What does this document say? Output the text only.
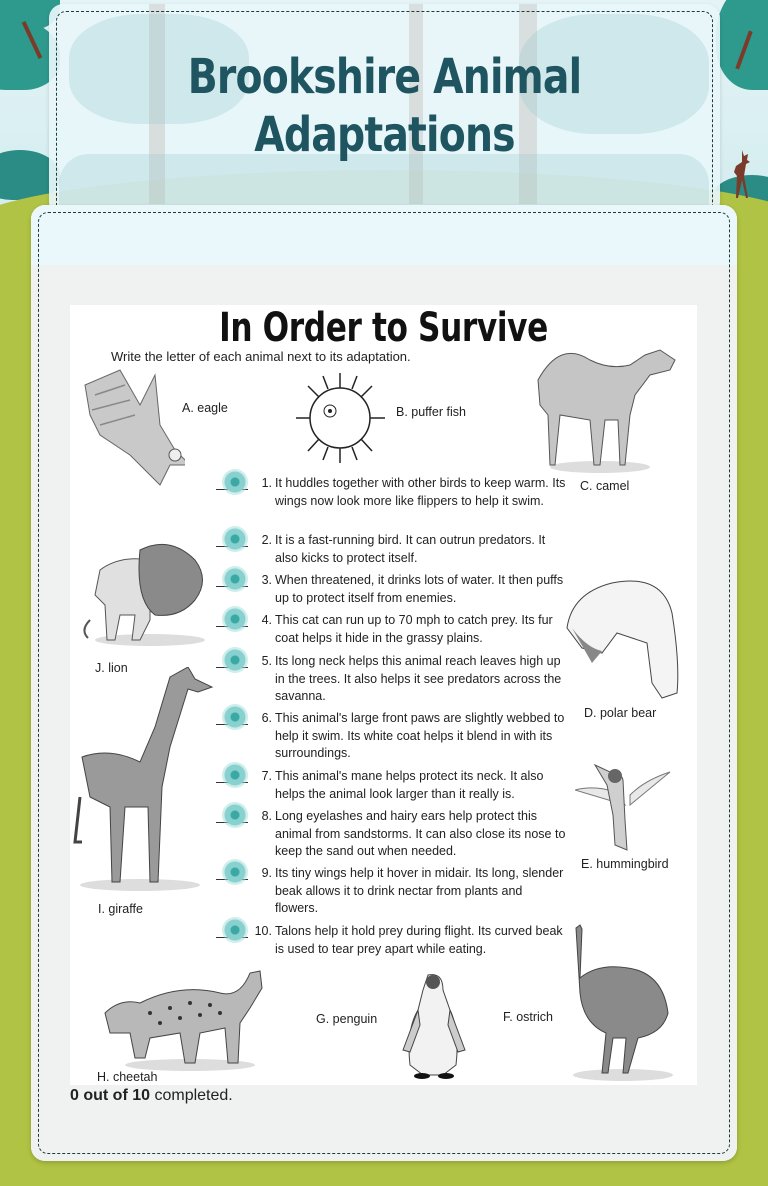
Brookshire Animal
Adaptations
In Order to Survive
Write the letter of each animal next to its adaptation.
A. eagle	B. puffer fish
C. camel
J. lion
I. giraffe
D. polar bear
E. hummingbird
H. cheetah
G. penguin	F. ostrich
1. It huddles together with other birds to keep warm. Its wings now look more like flippers to help it swim.
2. It is a fast-running bird. It can outrun predators. It also kicks to protect itself.
3. When threatened, it drinks lots of water. It then puffs up to protect itself from enemies.
4. This cat can run up to 70 mph to catch prey. Its fur coat helps it hide in the grassy plains.
5. Its long neck helps this animal reach leaves high up in the trees. It also helps it see predators across the savanna.
6. This animal's large front paws are slightly webbed to help it swim. Its white coat helps it blend in with its surroundings.
7. This animal's mane helps protect its neck. It also helps the animal look larger than it really is.
8. Long eyelashes and hairy ears help protect this animal from sandstorms. It can also close its nose to keep the sand out when needed.
9. Its tiny wings help it hover in midair. Its long, slender beak allows it to drink nectar from plants and flowers.
10. Talons help it hold prey during flight. Its curved beak is used to tear prey apart while eating.
0 out of 10 completed.
